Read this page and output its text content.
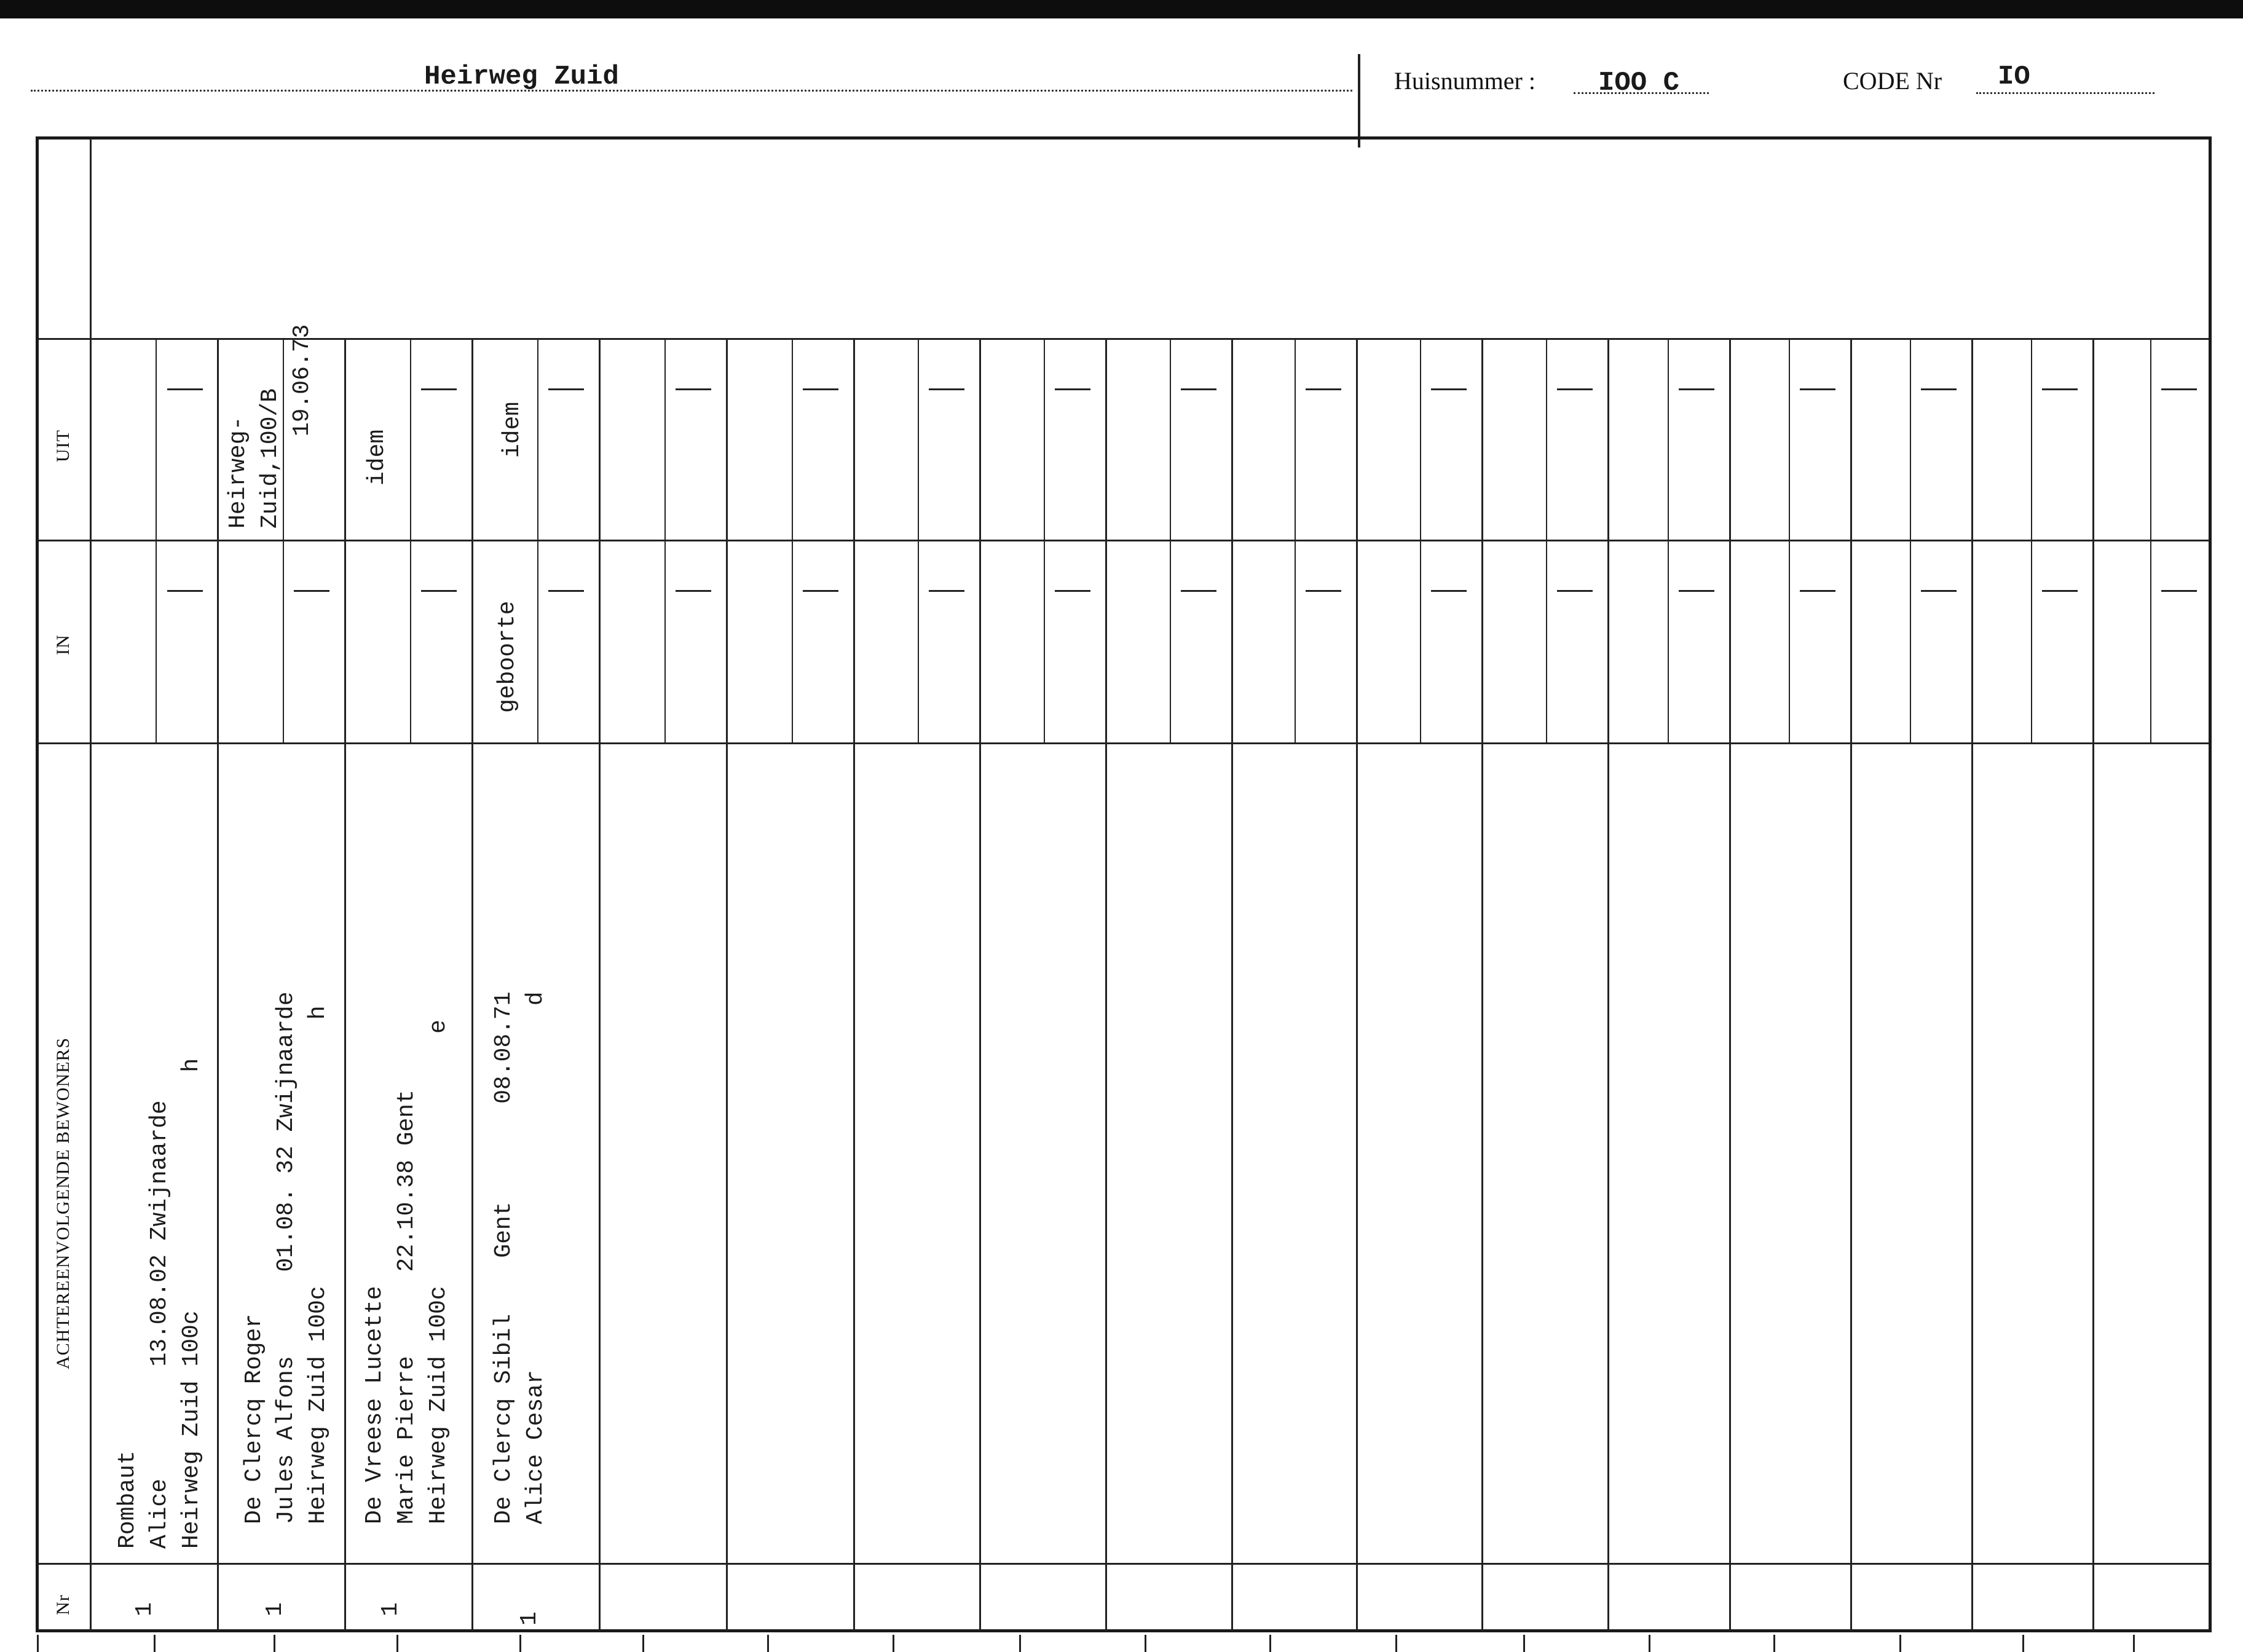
Heirweg Zuid	Huisnummer : IOO C	CODE Nr IO
UIT
IN
ACHTEREENVOLGENDE BEWONERS
Nr
Rombaut Alice        13.08.02 Zwijnaarde Heirweg Zuid 100c                 h
1
De Clercq Roger Jules Alfons      01.08. 32 Zwijnaarde Heirweg Zuid 100c                   h
1
Heirweg- Zuid,100/B
19.06.73
De Vreese Lucette Marie Pierre      22.10.38 Gent Heirweg Zuid 100c                  e
1
idem
De Clercq Sibil    Gent       08.08.71 Alice Cesar                          d
1
geboorte
idem
